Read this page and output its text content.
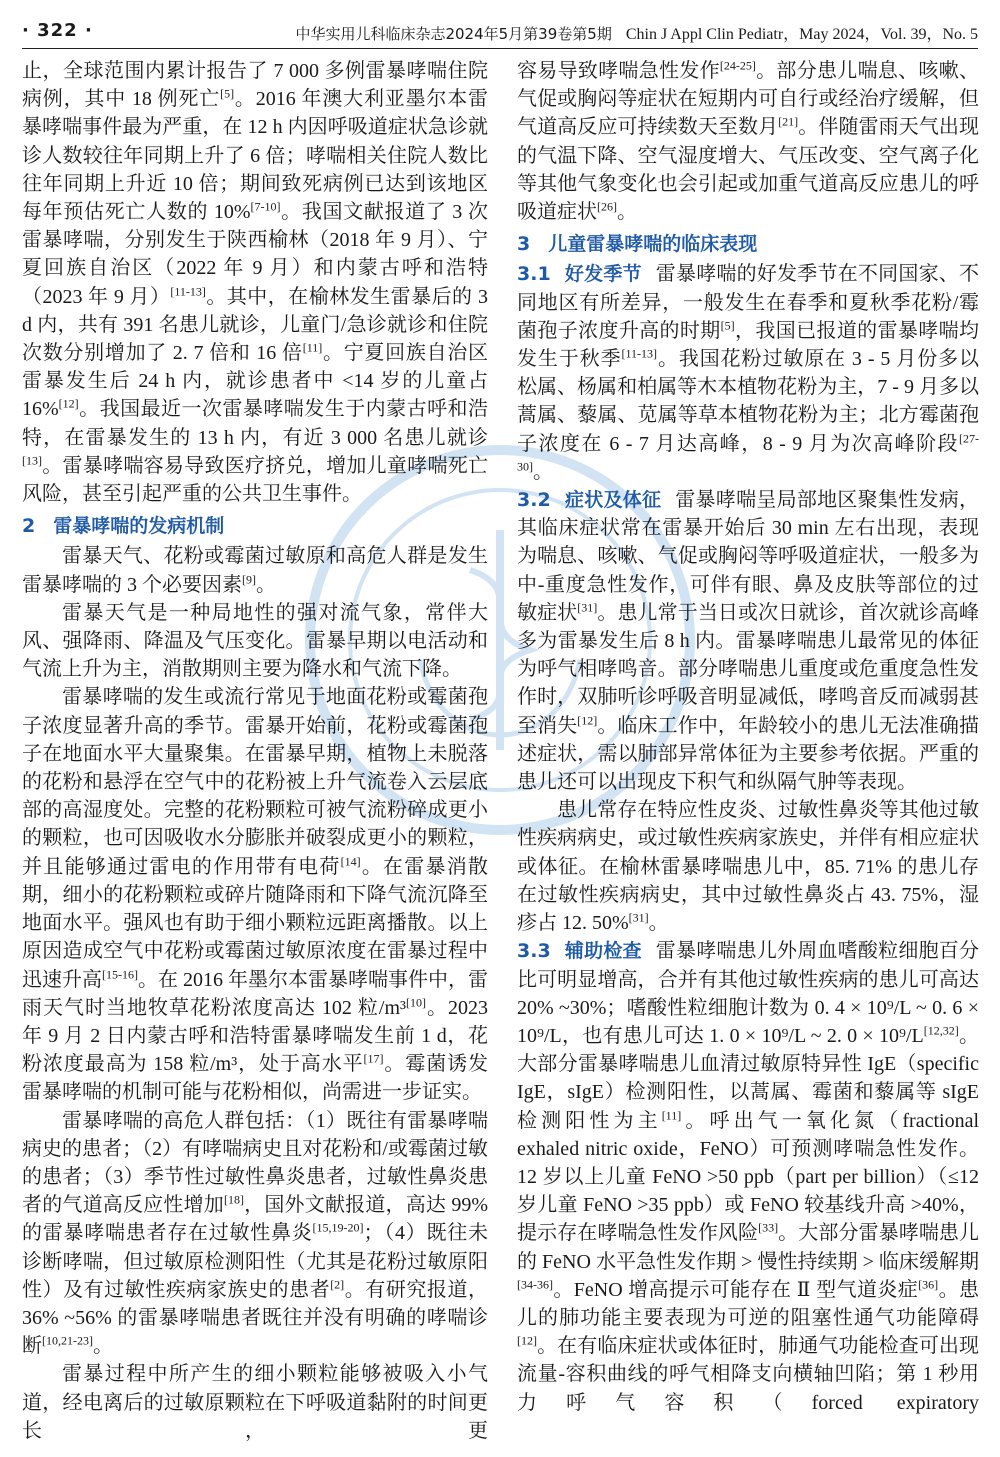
· 322 ·	中华实用儿科临床杂志2024年5月第39卷第5期 Chin J Appl Clin Pediatr，May 2024，Vol. 39，No. 5

止，全球范围内累计报告了 7 000 多例雷暴哮喘住院病例，其中 18 例死亡[5]。2016 年澳大利亚墨尔本雷暴哮喘事件最为严重，在 12 h 内因呼吸道症状急诊就诊人数较往年同期上升了 6 倍；哮喘相关住院人数比往年同期上升近 10 倍；期间致死病例已达到该地区每年预估死亡人数的 10%[7-10]。我国文献报道了 3 次雷暴哮喘，分别发生于陕西榆林（2018 年 9 月）、宁夏回族自治区（2022 年 9 月）和内蒙古呼和浩特（2023 年 9 月）[11-13]。其中，在榆林发生雷暴后的 3 d 内，共有 391 名患儿就诊，儿童门/急诊就诊和住院次数分别增加了 2. 7 倍和 16 倍[11]。宁夏回族自治区雷暴发生后 24 h 内，就诊患者中 <14 岁的儿童占 16%[12]。我国最近一次雷暴哮喘发生于内蒙古呼和浩特，在雷暴发生的 13 h 内，有近 3 000 名患儿就诊[13]。雷暴哮喘容易导致医疗挤兑，增加儿童哮喘死亡风险，甚至引起严重的公共卫生事件。

2 雷暴哮喘的发病机制

雷暴天气、花粉或霉菌过敏原和高危人群是发生雷暴哮喘的 3 个必要因素[9]。

雷暴天气是一种局地性的强对流气象，常伴大风、强降雨、降温及气压变化。雷暴早期以电活动和气流上升为主，消散期则主要为降水和气流下降。

雷暴哮喘的发生或流行常见于地面花粉或霉菌孢子浓度显著升高的季节。雷暴开始前，花粉或霉菌孢子在地面水平大量聚集。在雷暴早期，植物上未脱落的花粉和悬浮在空气中的花粉被上升气流卷入云层底部的高湿度处。完整的花粉颗粒可被气流粉碎成更小的颗粒，也可因吸收水分膨胀并破裂成更小的颗粒，并且能够通过雷电的作用带有电荷[14]。在雷暴消散期，细小的花粉颗粒或碎片随降雨和下降气流沉降至地面水平。强风也有助于细小颗粒远距离播散。以上原因造成空气中花粉或霉菌过敏原浓度在雷暴过程中迅速升高[15-16]。在 2016 年墨尔本雷暴哮喘事件中，雷雨天气时当地牧草花粉浓度高达 102 粒/m³[10]。2023 年 9 月 2 日内蒙古呼和浩特雷暴哮喘发生前 1 d，花粉浓度最高为 158 粒/m³，处于高水平[17]。霉菌诱发雷暴哮喘的机制可能与花粉相似，尚需进一步证实。

雷暴哮喘的高危人群包括：（1）既往有雷暴哮喘病史的患者；（2）有哮喘病史且对花粉和/或霉菌过敏的患者；（3）季节性过敏性鼻炎患者，过敏性鼻炎患者的气道高反应性增加[18]，国外文献报道，高达 99% 的雷暴哮喘患者存在过敏性鼻炎[15,19-20]；（4）既往未诊断哮喘，但过敏原检测阳性（尤其是花粉过敏原阳性）及有过敏性疾病家族史的患者[2]。有研究报道，36% ~56% 的雷暴哮喘患者既往并没有明确的哮喘诊断[10,21-23]。

雷暴过程中所产生的细小颗粒能够被吸入小气道，经电离后的过敏原颗粒在下呼吸道黏附的时间更长，更

容易导致哮喘急性发作[24-25]。部分患儿喘息、咳嗽、气促或胸闷等症状在短期内可自行或经治疗缓解，但气道高反应可持续数天至数月[21]。伴随雷雨天气出现的气温下降、空气湿度增大、气压改变、空气离子化等其他气象变化也会引起或加重气道高反应患儿的呼吸道症状[26]。

3 儿童雷暴哮喘的临床表现

3.1 好发季节 雷暴哮喘的好发季节在不同国家、不同地区有所差异，一般发生在春季和夏秋季花粉/霉菌孢子浓度升高的时期[5]，我国已报道的雷暴哮喘均发生于秋季[11-13]。我国花粉过敏原在 3 - 5 月份多以松属、杨属和柏属等木本植物花粉为主，7 - 9 月多以蒿属、藜属、苋属等草本植物花粉为主；北方霉菌孢子浓度在 6 - 7 月达高峰，8 - 9 月为次高峰阶段[27-30]。

3.2 症状及体征 雷暴哮喘呈局部地区聚集性发病，其临床症状常在雷暴开始后 30 min 左右出现，表现为喘息、咳嗽、气促或胸闷等呼吸道症状，一般多为中-重度急性发作，可伴有眼、鼻及皮肤等部位的过敏症状[31]。患儿常于当日或次日就诊，首次就诊高峰多为雷暴发生后 8 h 内。雷暴哮喘患儿最常见的体征为呼气相哮鸣音。部分哮喘患儿重度或危重度急性发作时，双肺听诊呼吸音明显减低，哮鸣音反而减弱甚至消失[12]。临床工作中，年龄较小的患儿无法准确描述症状，需以肺部异常体征为主要参考依据。严重的患儿还可以出现皮下积气和纵隔气肿等表现。

患儿常存在特应性皮炎、过敏性鼻炎等其他过敏性疾病病史，或过敏性疾病家族史，并伴有相应症状或体征。在榆林雷暴哮喘患儿中，85. 71% 的患儿存在过敏性疾病病史，其中过敏性鼻炎占 43. 75%，湿疹占 12. 50%[31]。

3.3 辅助检查 雷暴哮喘患儿外周血嗜酸粒细胞百分比可明显增高，合并有其他过敏性疾病的患儿可高达 20% ~30%；嗜酸性粒细胞计数为 0. 4 × 10⁹/L ~ 0. 6 × 10⁹/L，也有患儿可达 1. 0 × 10⁹/L ~ 2. 0 × 10⁹/L[12,32]。大部分雷暴哮喘患儿血清过敏原特异性 IgE（specific IgE，sIgE）检测阳性，以蒿属、霉菌和藜属等 sIgE 检测阳性为主[11]。呼出气一氧化氮（fractional exhaled nitric oxide，FeNO）可预测哮喘急性发作。12 岁以上儿童 FeNO >50 ppb（part per billion）（≤12 岁儿童 FeNO >35 ppb）或 FeNO 较基线升高 >40%，提示存在哮喘急性发作风险[33]。大部分雷暴哮喘患儿的 FeNO 水平急性发作期 > 慢性持续期 > 临床缓解期[34-36]。FeNO 增高提示可能存在 Ⅱ 型气道炎症[36]。患儿的肺功能主要表现为可逆的阻塞性通气功能障碍[12]。在有临床症状或体征时，肺通气功能检查可出现流量-容积曲线的呼气相降支向横轴凹陷；第 1 秒用力呼气容积（forced expiratory
